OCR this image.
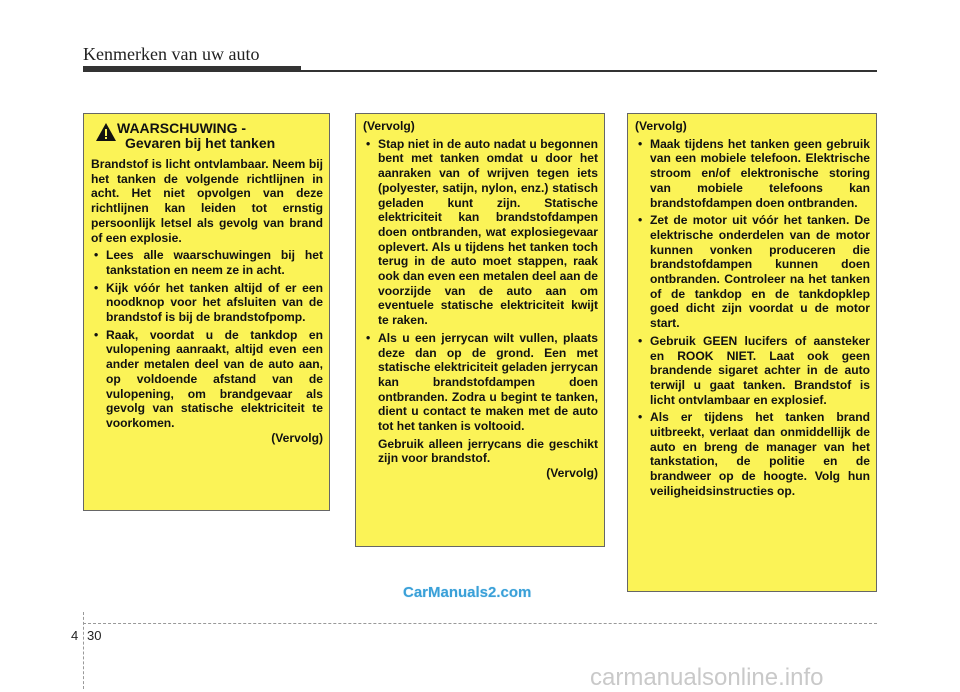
Kenmerken van uw auto
WAARSCHUWING -
Gevaren bij het tanken
Brandstof is licht ontvlambaar. Neem bij het tanken de volgende richtlijnen in acht. Het niet opvolgen van deze richtlijnen kan leiden tot ernstig persoonlijk letsel als gevolg van brand of een explosie.
• Lees alle waarschuwingen bij het tankstation en neem ze in acht.
• Kijk vóór het tanken altijd of er een noodknop voor het afsluiten van de brandstof is bij de brandstofpomp.
• Raak, voordat u de tankdop en vulopening aanraakt, altijd even een ander metalen deel van de auto aan, op voldoende afstand van de vulopening, om brandgevaar als gevolg van statische elektriciteit te voorkomen.
(Vervolg)
(Vervolg)
• Stap niet in de auto nadat u begonnen bent met tanken omdat u door het aanraken van of wrijven tegen iets (polyester, satijn, nylon, enz.) statisch geladen kunt zijn. Statische elektriciteit kan brandstofdampen doen ontbranden, wat explosiegevaar oplevert. Als u tijdens het tanken toch terug in de auto moet stappen, raak ook dan even een metalen deel aan de voorzijde van de auto aan om eventuele statische elektriciteit kwijt te raken.
• Als u een jerrycan wilt vullen, plaats deze dan op de grond. Een met statische elektriciteit geladen jerrycan kan brandstofdampen doen ontbranden. Zodra u begint te tanken, dient u contact te maken met de auto tot het tanken is voltooid.
Gebruik alleen jerrycans die geschikt zijn voor brandstof.
(Vervolg)
(Vervolg)
• Maak tijdens het tanken geen gebruik van een mobiele telefoon. Elektrische stroom en/of elektronische storing van mobiele telefoons kan brandstofdampen doen ontbranden.
• Zet de motor uit vóór het tanken. De elektrische onderdelen van de motor kunnen vonken produceren die brandstofdampen kunnen doen ontbranden. Controleer na het tanken of de tankdop en de tankdopklep goed dicht zijn voordat u de motor start.
• Gebruik GEEN lucifers of aansteker en ROOK NIET. Laat ook geen brandende sigaret achter in de auto terwijl u gaat tanken. Brandstof is licht ontvlambaar en explosief.
• Als er tijdens het tanken brand uitbreekt, verlaat dan onmiddellijk de auto en breng de manager van het tankstation, de politie en de brandweer op de hoogte. Volg hun veiligheidsinstructies op.
CarManuals2.com
4 30
carmanualsonline.info
